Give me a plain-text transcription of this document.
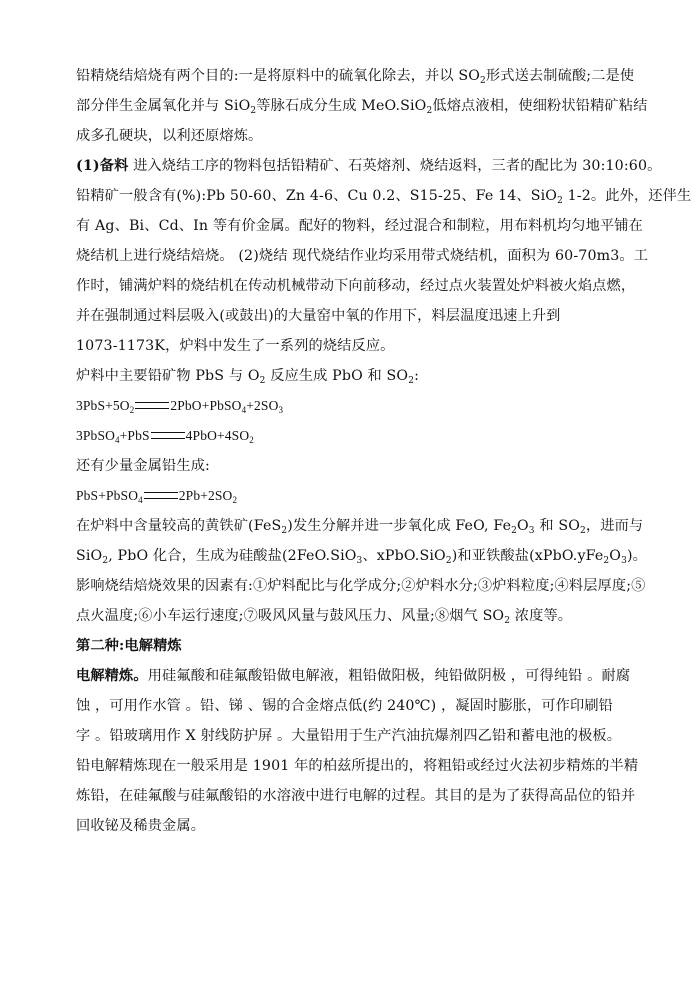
铅精烧结焙烧有两个目的:一是将原料中的硫氧化除去，并以 $SO_2$形式送去制硫酸;二是使

部分伴生金属氧化并与 SiO$_2$等脉石成分生成 MeO.SiO$_2$低熔点液相，使细粉状铅精矿粘结

成多孔硬块，以利还原熔炼。

(1)备料 进入烧结工序的物料包括铅精矿、石英熔剂、烧结返料，三者的配比为 30:10:60。

铅精矿一般含有(%):Pb 50-60、Zn 4-6、Cu 0.2、S15-25、Fe 14、SiO$_2$ 1-2。此外，还伴生

有 Ag、Bi、Cd、In 等有价金属。配好的物料，经过混合和制粒，用布料机均匀地平铺在

烧结机上进行烧结焙烧。 (2)烧结 现代烧结作业均采用带式烧结机，面积为 60-70m3。工

作时，铺满炉料的烧结机在传动机械带动下向前移动，经过点火装置处炉料被火焰点燃，

并在强制通过料层吸入(或鼓出)的大量窑中氧的作用下，料层温度迅速上升到

1073-1173K，炉料中发生了一系列的烧结反应。

炉料中主要铅矿物 PbS 与 $O_2$ 反应生成 PbO 和 $SO_2$:

$3PbS+5O_2$	$2PbO+PbSO_4+2SO_3$

3PbSO$_4$+PbS	$4PbO+4SO_2$

还有少量金属铅生成:

PbS+PbSO$_4$	$2Pb+2SO_2$

在炉料中含量较高的黄铁矿(FeS$_2$)发生分解并进一步氧化成 FeO, $Fe_2O_3$ 和 $SO_2$，进而与

SiO$_2$, PbO 化合，生成为硅酸盐(2FeO.SiO$_3$、xPbO.SiO$_2$)和亚铁酸盐$(xPbO.yFe_2O_3)$。

影响烧结焙烧效果的因素有:①炉料配比与化学成分;②炉料水分;③炉料粒度;④料层厚度;⑤

点火温度;⑥小车运行速度;⑦吸风风量与鼓风压力、风量;⑧烟气 $SO_2$ 浓度等。

第二种:电解精炼

电解精炼。用硅氟酸和硅氟酸铅做电解液，粗铅做阳极，纯铅做阴极 ，可得纯铅 。耐腐

蚀 ，可用作水管 。铅、锑 、锡的合金熔点低(约 240℃) ，凝固时膨胀，可作印刷铅

字 。铅玻璃用作 X 射线防护屏 。大量铅用于生产汽油抗爆剂四乙铅和蓄电池的极板。

铅电解精炼现在一般采用是 1901 年的柏兹所提出的，将粗铅或经过火法初步精炼的半精

炼铅，在硅氟酸与硅氟酸铅的水溶液中进行电解的过程。其目的是为了获得高品位的铅并

回收铋及稀贵金属。
